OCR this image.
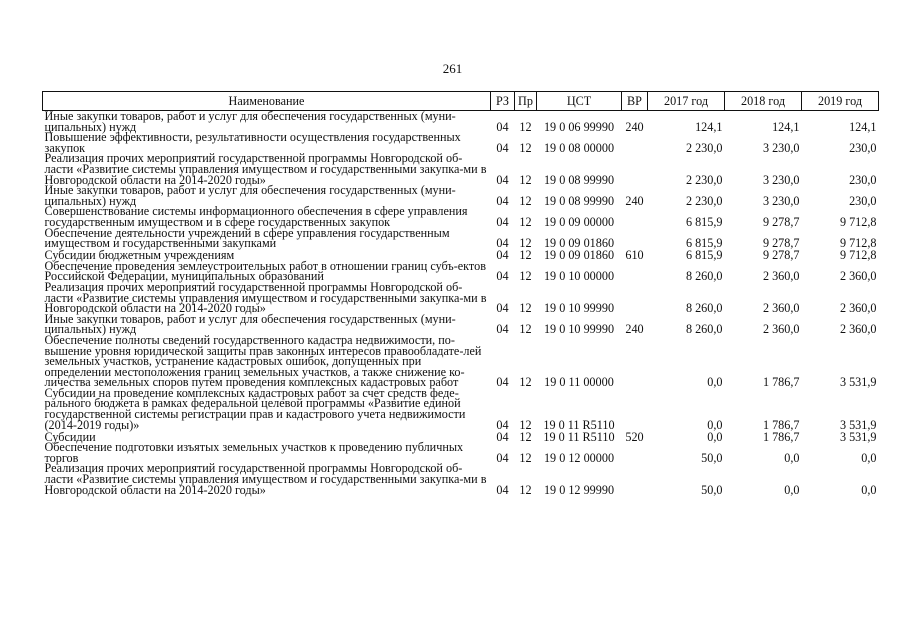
261
Наименование	РЗ	Пр	ЦСТ	ВР	2017 год	2018 год	2019 год
Иные закупки товаров, работ и услуг для обеспечения государственных (муни-ципальных) нужд	04	12	19 0 06 99990	240	124,1	124,1	124,1
Повышение эффективности, результативности осуществления государственных закупок	04	12	19 0 08 00000		2 230,0	3 230,0	230,0
Реализация прочих мероприятий государственной программы Новгородской об-ласти «Развитие системы управления имуществом и государственными закупка-ми в Новгородской области на 2014-2020 годы»	04	12	19 0 08 99990		2 230,0	3 230,0	230,0
Иные закупки товаров, работ и услуг для обеспечения государственных (муни-ципальных) нужд	04	12	19 0 08 99990	240	2 230,0	3 230,0	230,0
Совершенствование системы информационного обеспечения в сфере управления государственным имуществом и в сфере государственных закупок	04	12	19 0 09 00000		6 815,9	9 278,7	9 712,8
Обеспечение деятельности учреждений в сфере управления государственным имуществом и государственными закупками	04	12	19 0 09 01860		6 815,9	9 278,7	9 712,8
Субсидии бюджетным учреждениям	04	12	19 0 09 01860	610	6 815,9	9 278,7	9 712,8
Обеспечение проведения землеустроительных работ в отношении границ субъ-ектов Российской Федерации, муниципальных образований	04	12	19 0 10 00000		8 260,0	2 360,0	2 360,0
Реализация прочих мероприятий государственной программы Новгородской об-ласти «Развитие системы управления имуществом и государственными закупка-ми в Новгородской области на 2014-2020 годы»	04	12	19 0 10 99990		8 260,0	2 360,0	2 360,0
Иные закупки товаров, работ и услуг для обеспечения государственных (муни-ципальных) нужд	04	12	19 0 10 99990	240	8 260,0	2 360,0	2 360,0
Обеспечение полноты сведений государственного кадастра недвижимости, по-вышение уровня юридической защиты прав законных интересов правообладате-лей земельных участков, устранение кадастровых ошибок, допущенных при определении местоположения границ земельных участков, а также снижение ко-личества земельных споров путем проведения комплексных кадастровых работ	04	12	19 0 11 00000		0,0	1 786,7	3 531,9
Субсидии на проведение комплексных кадастровых работ за счет средств феде-рального бюджета в рамках федеральной целевой программы «Развитие единой государственной системы регистрации прав и кадастрового учета недвижимости (2014-2019 годы)»	04	12	19 0 11 R5110		0,0	1 786,7	3 531,9
Субсидии	04	12	19 0 11 R5110	520	0,0	1 786,7	3 531,9
Обеспечение подготовки изъятых земельных участков к проведению публичных торгов	04	12	19 0 12 00000		50,0	0,0	0,0
Реализация прочих мероприятий государственной программы Новгородской об-ласти «Развитие системы управления имуществом и государственными закупка-ми в Новгородской области на 2014-2020 годы»	04	12	19 0 12 99990		50,0	0,0	0,0
